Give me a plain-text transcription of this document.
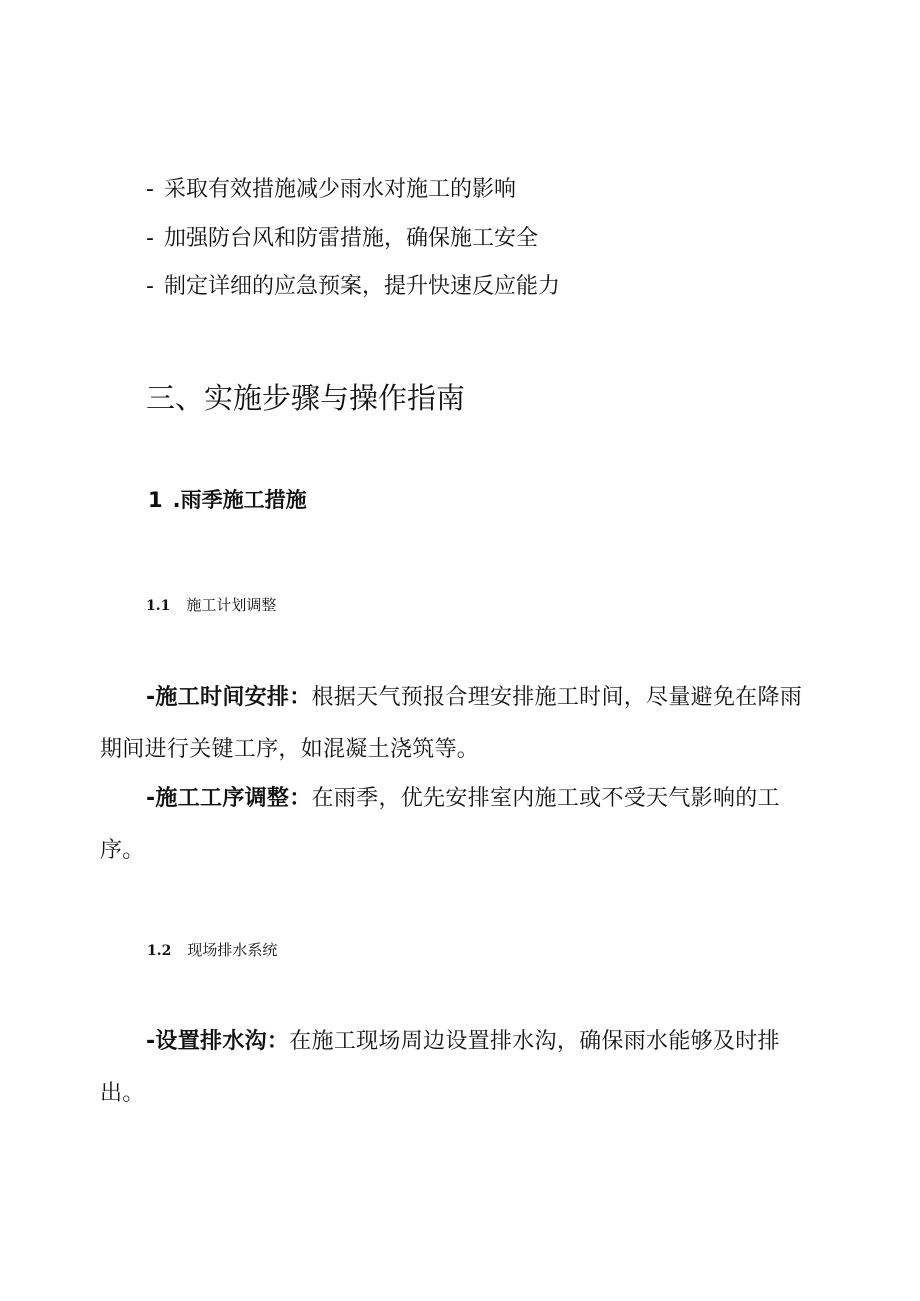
- 采取有效措施减少雨水对施工的影响
- 加强防台风和防雷措施，确保施工安全
- 制定详细的应急预案，提升快速反应能力
三、实施步骤与操作指南
1 .雨季施工措施
1.1 施工计划调整

-施工时间安排：根据天气预报合理安排施工时间，尽量避免在降雨期间进行关键工序，如混凝土浇筑等。

-施工工序调整：在雨季，优先安排室内施工或不受天气影响的工序。

1.2 现场排水系统

-设置排水沟：在施工现场周边设置排水沟，确保雨水能够及时排出。
